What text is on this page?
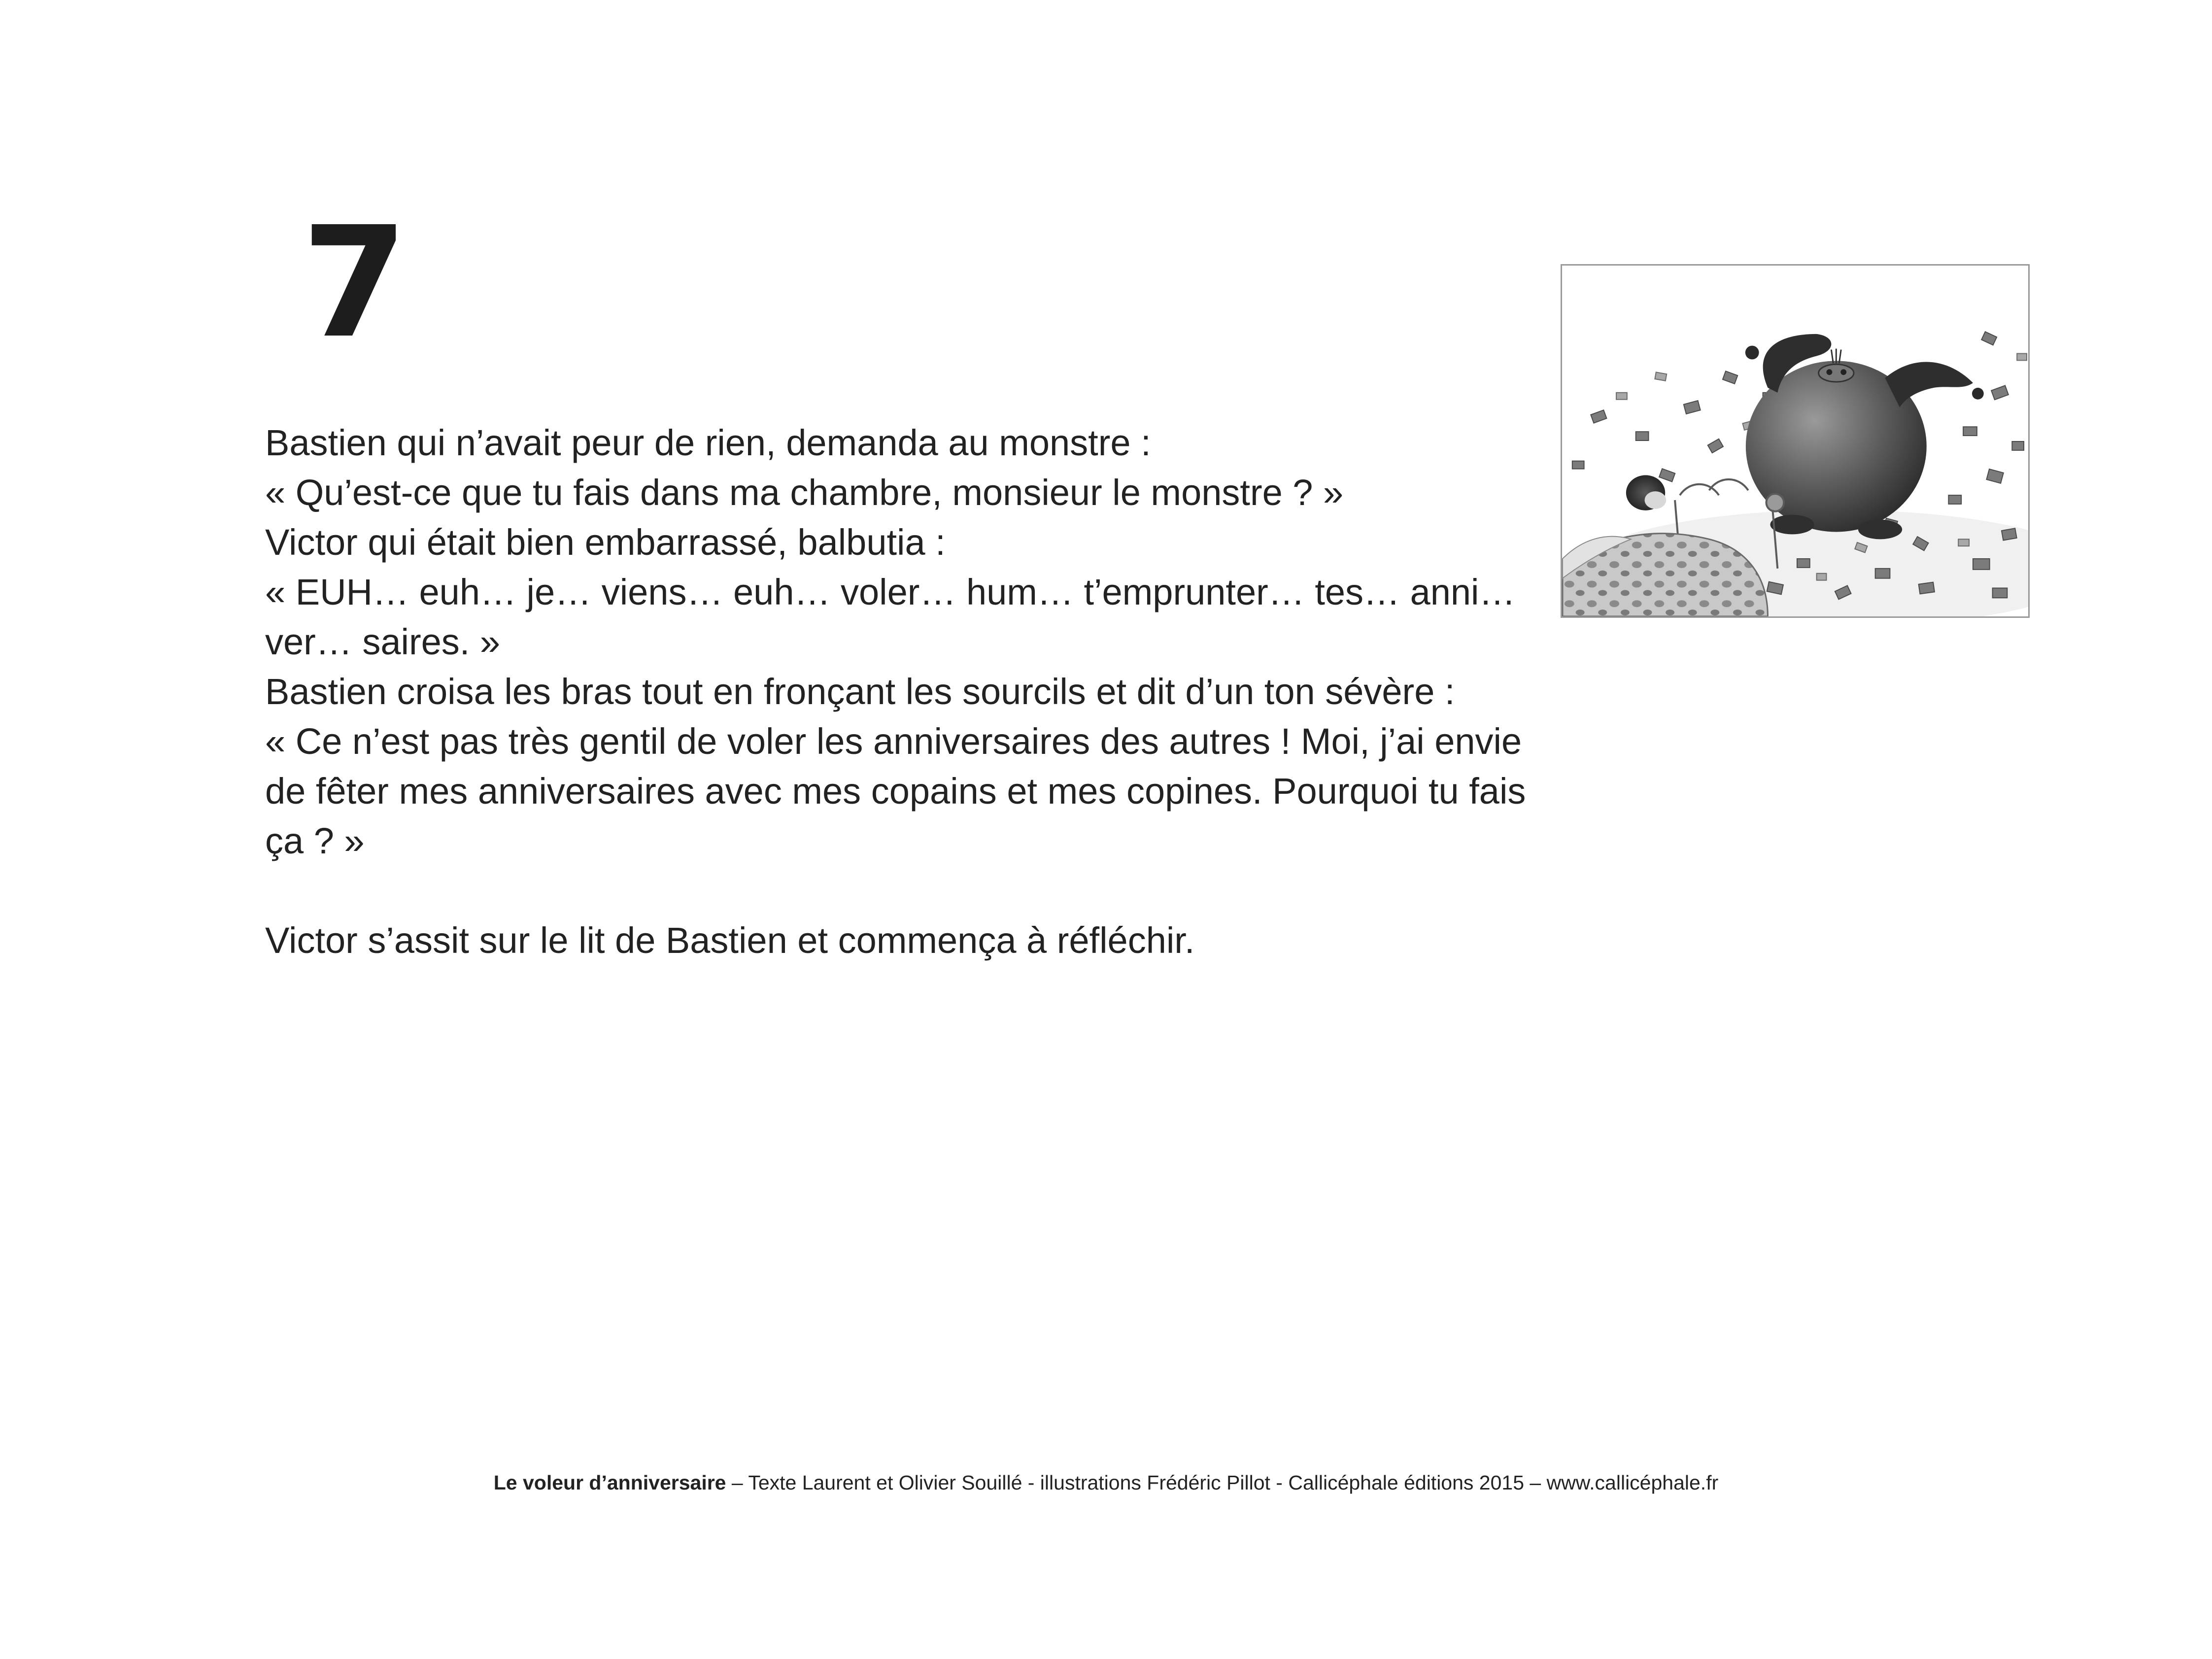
7
Bastien qui n’avait peur de rien, demanda au monstre :
« Qu’est-ce que tu fais dans ma chambre, monsieur le monstre ? »
Victor qui était bien embarrassé, balbutia :
« EUH… euh… je… viens… euh… voler… hum… t’emprunter… tes… anni…
ver… saires. »
Bastien croisa les bras tout en fronçant les sourcils et dit d’un ton sévère :
« Ce n’est pas très gentil de voler les anniversaires des autres ! Moi, j’ai envie
de fêter mes anniversaires avec mes copains et mes copines. Pourquoi tu fais
ça ? »
Victor s’assit sur le lit de Bastien et commença à réfléchir.
Le voleur d’anniversaire – Texte Laurent et Olivier Souillé - illustrations Frédéric Pillot - Callicéphale éditions 2015 – www.callicéphale.fr
